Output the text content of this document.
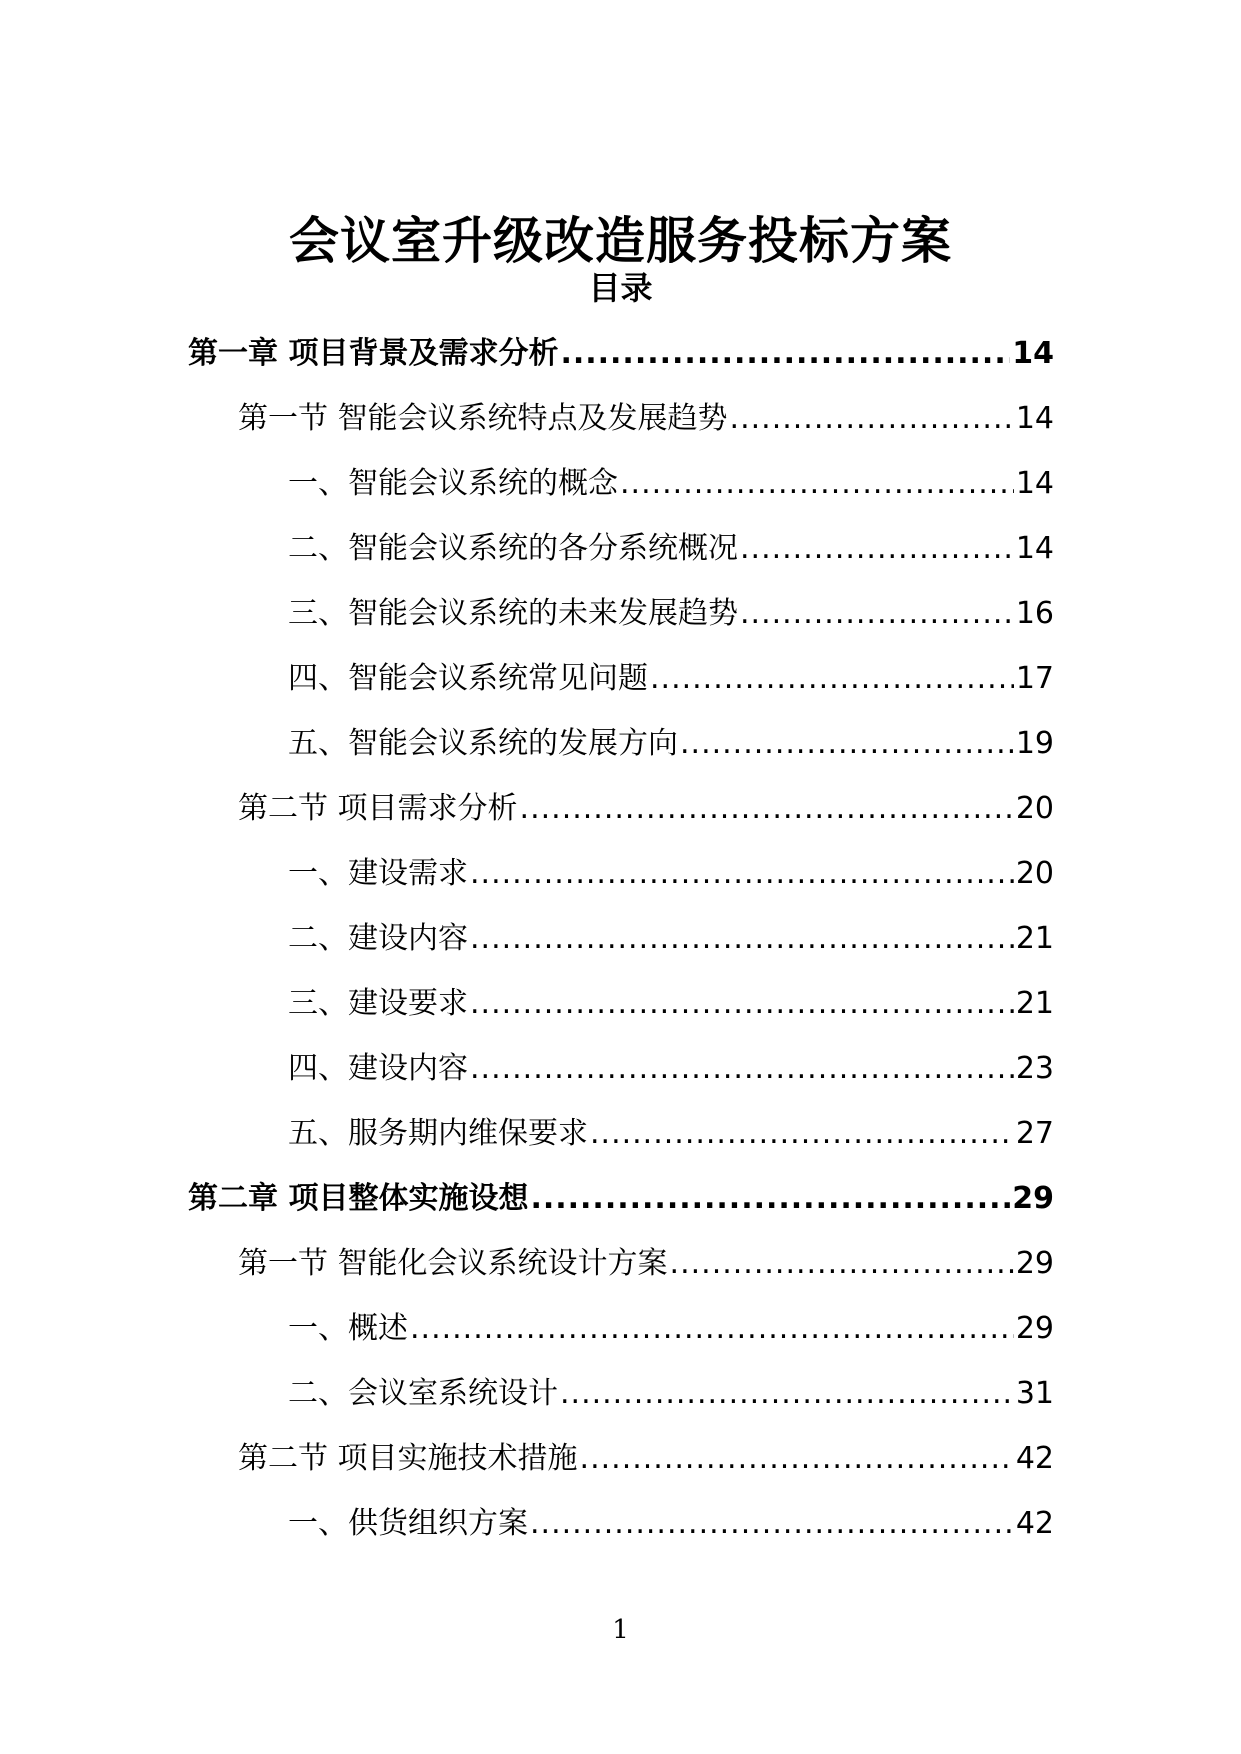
会议室升级改造服务投标方案
目录
第一章 项目背景及需求分析 .....	14
第一节 智能会议系统特点及发展趋势 .....	14
一、智能会议系统的概念 .....	14
二、智能会议系统的各分系统概况 .....	14
三、智能会议系统的未来发展趋势 .....	16
四、智能会议系统常见问题 .....	17
五、智能会议系统的发展方向 .....	19
第二节 项目需求分析 .....	20
一、建设需求 .....	20
二、建设内容 .....	21
三、建设要求 .....	21
四、建设内容 .....	23
五、服务期内维保要求 .....	27
第二章 项目整体实施设想 .....	29
第一节 智能化会议系统设计方案 .....	29
一、概述 .....	29
二、会议室系统设计 .....	31
第二节 项目实施技术措施 .....	42
一、供货组织方案 .....	42
1
